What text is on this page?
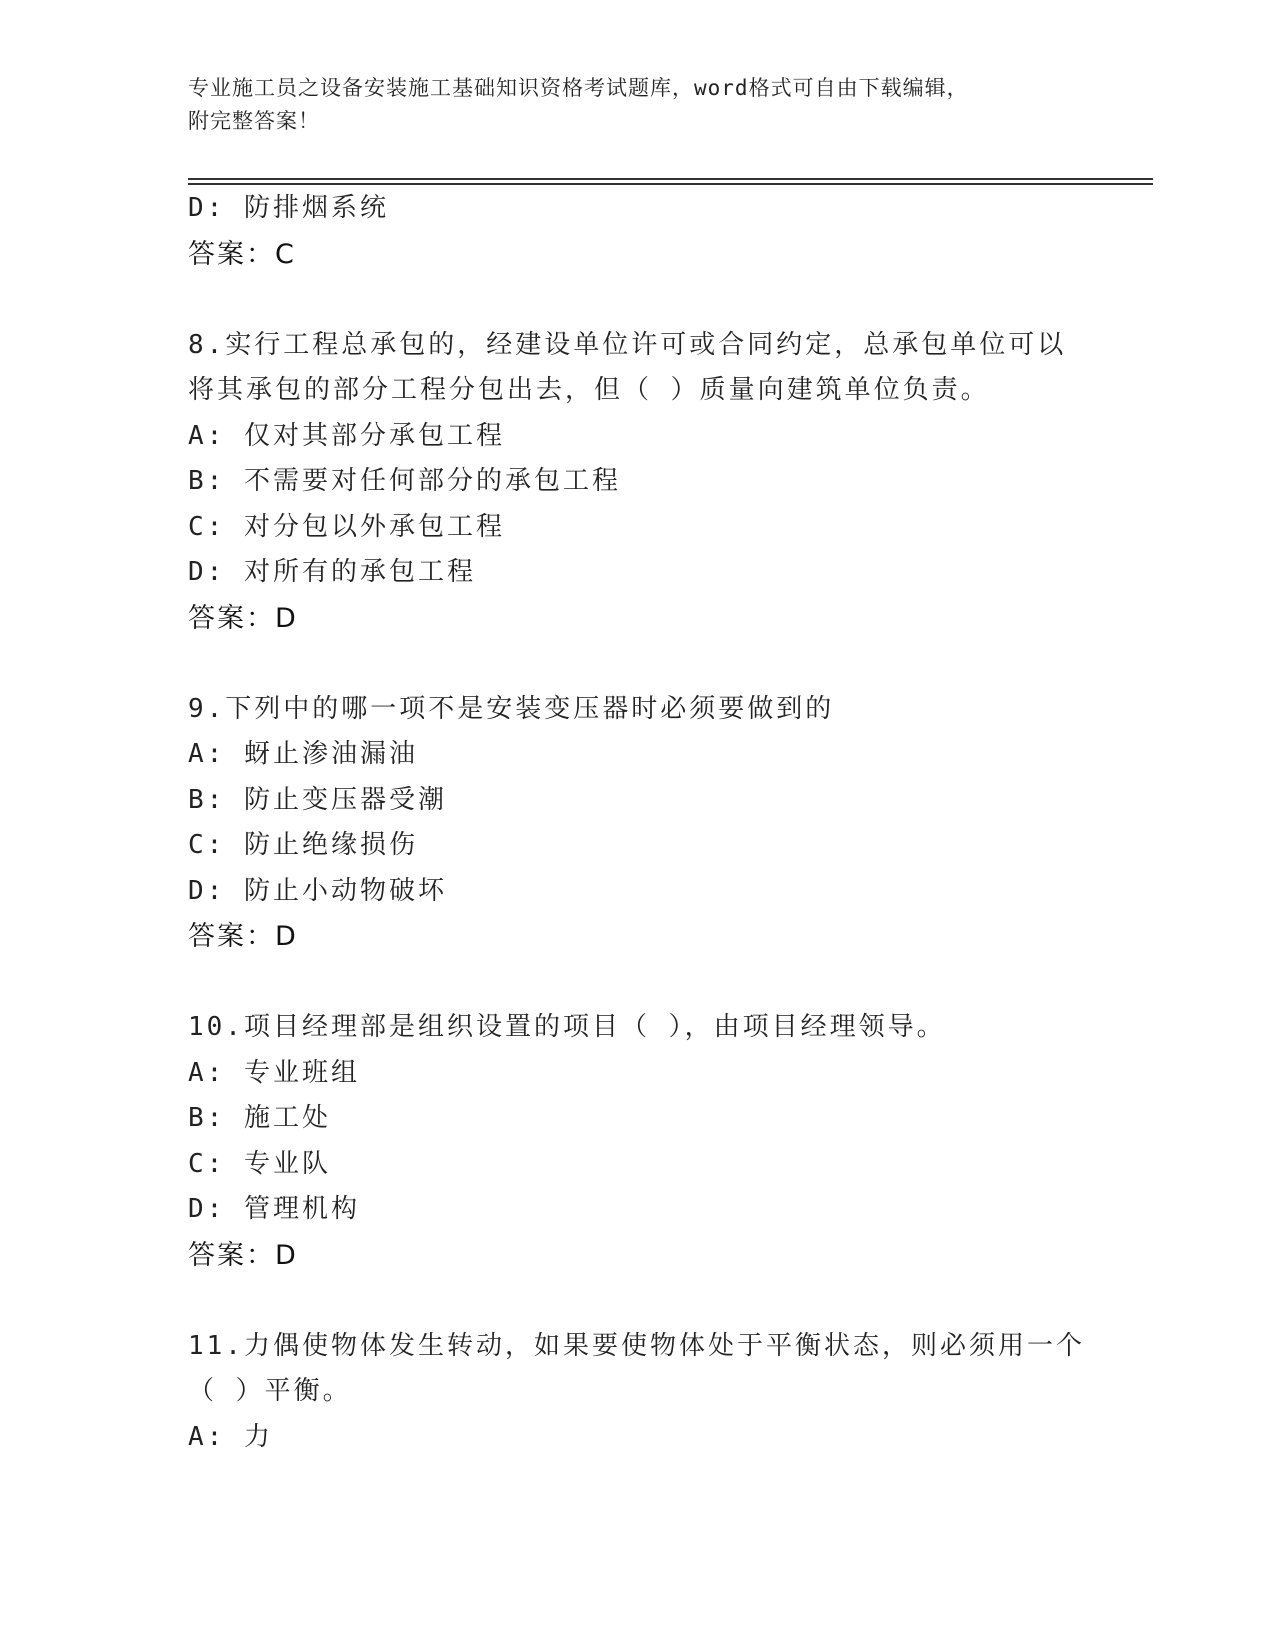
专业施工员之设备安装施工基础知识资格考试题库，word格式可自由下载编辑，
附完整答案！
D: 防排烟系统
答案：C
8.实行工程总承包的，经建设单位许可或合同约定，总承包单位可以
将其承包的部分工程分包出去，但（ ）质量向建筑单位负责。
A: 仅对其部分承包工程
B: 不需要对任何部分的承包工程
C: 对分包以外承包工程
D: 对所有的承包工程
答案：D
9.下列中的哪一项不是安装变压器时必须要做到的
A: 蚜止渗油漏油
B: 防止变压器受潮
C: 防止绝缘损伤
D: 防止小动物破坏
答案：D
10.项目经理部是组织设置的项目（ ），由项目经理领导。
A: 专业班组
B: 施工处
C: 专业队
D: 管理机构
答案：D
11.力偶使物体发生转动，如果要使物体处于平衡状态，则必须用一个
（ ）平衡。
A: 力
